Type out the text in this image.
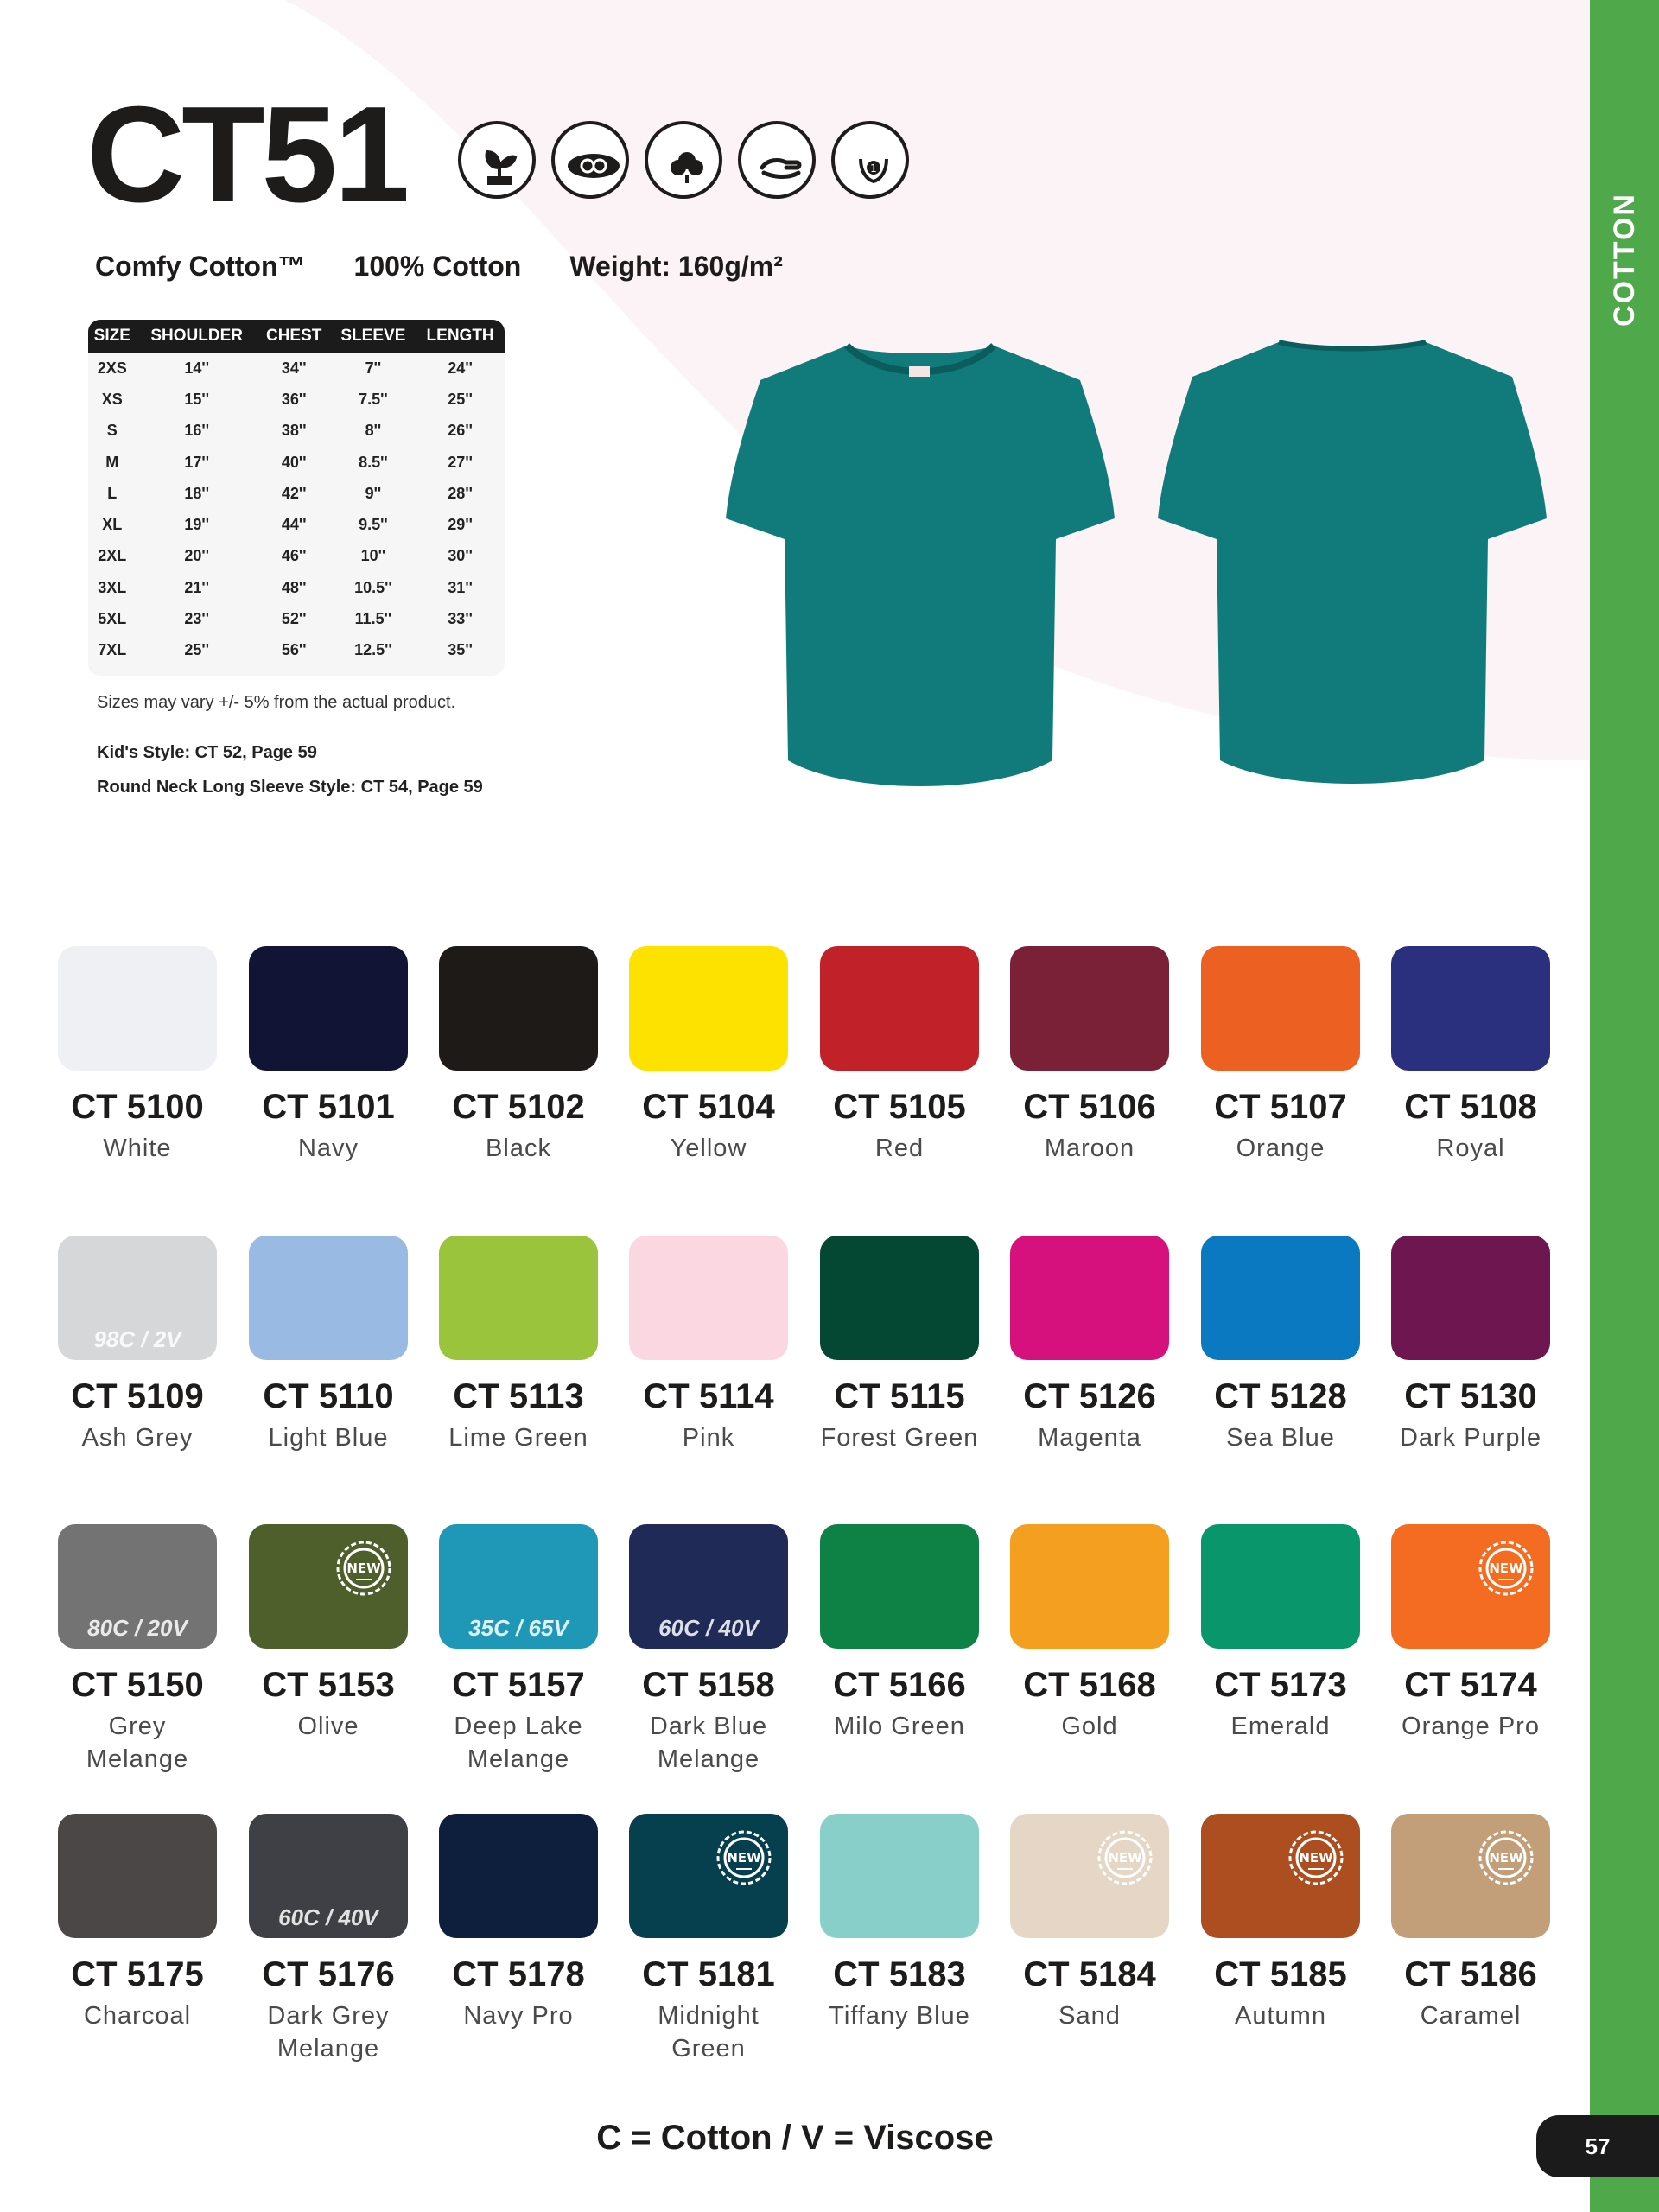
COTTON
CT51	1
Comfy Cotton™ 100% Cotton Weight: 160g/m²
SIZE	SHOULDER	CHEST	SLEEVE	LENGTH
2XS	14''	34''	7''	24''
XS	15''	36''	7.5''	25''
S	16''	38''	8''	26''
M	17''	40''	8.5''	27''
L	18''	42''	9''	28''
XL	19''	44''	9.5''	29''
2XL	20''	46''	10''	30''
3XL	21''	48''	10.5''	31''
5XL	23''	52''	11.5''	33''
7XL	25''	56''	12.5''	35''
Sizes may vary +/- 5% from the actual product.
Kid's Style: CT 52, Page 59
Round Neck Long Sleeve Style: CT 54, Page 59
CT 5100
White
CT 5101
Navy
CT 5102
Black
CT 5104
Yellow
CT 5105
Red
CT 5106
Maroon
CT 5107
Orange
CT 5108
Royal
98C / 2V
CT 5109
Ash Grey
CT 5110
Light Blue
CT 5113
Lime Green
CT 5114
Pink
CT 5115
Forest Green
CT 5126
Magenta
CT 5128
Sea Blue
CT 5130
Dark Purple
80C / 20V
CT 5150
Grey Melange
NEW
CT 5153
Olive
35C / 65V
CT 5157
Deep Lake Melange
60C / 40V
CT 5158
Dark Blue Melange
CT 5166
Milo Green
CT 5168
Gold
CT 5173
Emerald
NEW
CT 5174
Orange Pro
CT 5175
Charcoal
60C / 40V
CT 5176
Dark Grey Melange
CT 5178
Navy Pro
NEW
CT 5181
Midnight Green
CT 5183
Tiffany Blue
NEW
CT 5184
Sand
NEW
CT 5185
Autumn
NEW
CT 5186
Caramel
C = Cotton / V = Viscose	57
